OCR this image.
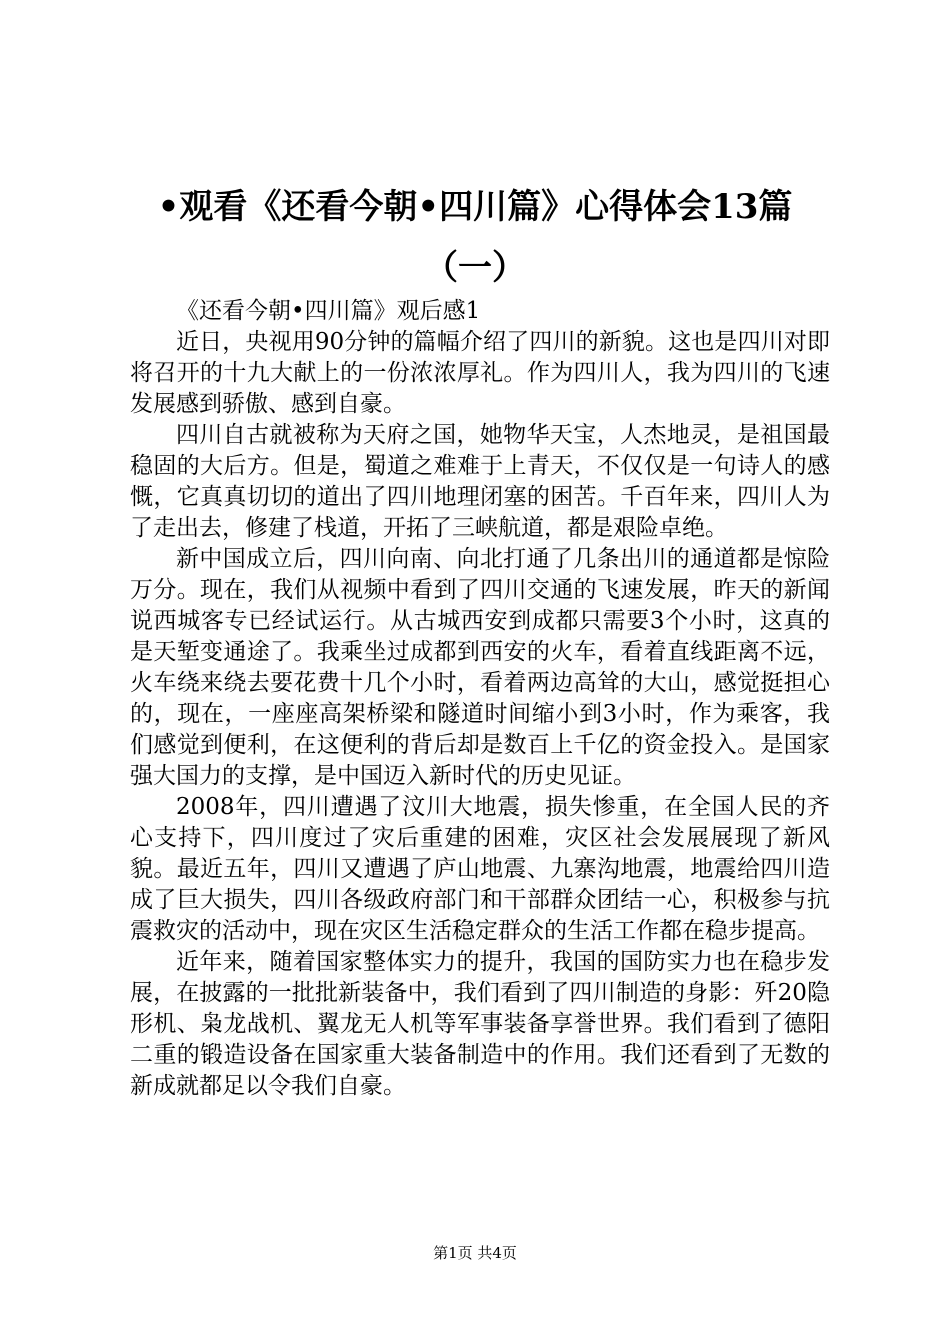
•观看《还看今朝•四川篇》心得体会13篇
（一）

《还看今朝•四川篇》观后感1

近日，央视用90分钟的篇幅介绍了四川的新貌。这也是四川对即将召开的十九大献上的一份浓浓厚礼。作为四川人，我为四川的飞速发展感到骄傲、感到自豪。

四川自古就被称为天府之国，她物华天宝，人杰地灵，是祖国最稳固的大后方。但是，蜀道之难难于上青天，不仅仅是一句诗人的感慨，它真真切切的道出了四川地理闭塞的困苦。千百年来，四川人为了走出去，修建了栈道，开拓了三峡航道，都是艰险卓绝。

新中国成立后，四川向南、向北打通了几条出川的通道都是惊险万分。现在，我们从视频中看到了四川交通的飞速发展，昨天的新闻说西城客专已经试运行。从古城西安到成都只需要3个小时，这真的是天堑变通途了。我乘坐过成都到西安的火车，看着直线距离不远，火车绕来绕去要花费十几个小时，看着两边高耸的大山，感觉挺担心的，现在，一座座高架桥梁和隧道时间缩小到3小时，作为乘客，我们感觉到便利，在这便利的背后却是数百上千亿的资金投入。是国家强大国力的支撑，是中国迈入新时代的历史见证。

2008年，四川遭遇了汶川大地震，损失惨重，在全国人民的齐心支持下，四川度过了灾后重建的困难，灾区社会发展展现了新风貌。最近五年，四川又遭遇了庐山地震、九寨沟地震，地震给四川造成了巨大损失，四川各级政府部门和干部群众团结一心，积极参与抗震救灾的活动中，现在灾区生活稳定群众的生活工作都在稳步提高。

近年来，随着国家整体实力的提升，我国的国防实力也在稳步发展，在披露的一批批新装备中，我们看到了四川制造的身影：歼20隐形机、枭龙战机、翼龙无人机等军事装备享誉世界。我们看到了德阳二重的锻造设备在国家重大装备制造中的作用。我们还看到了无数的新成就都足以令我们自豪。

第1页 共4页
